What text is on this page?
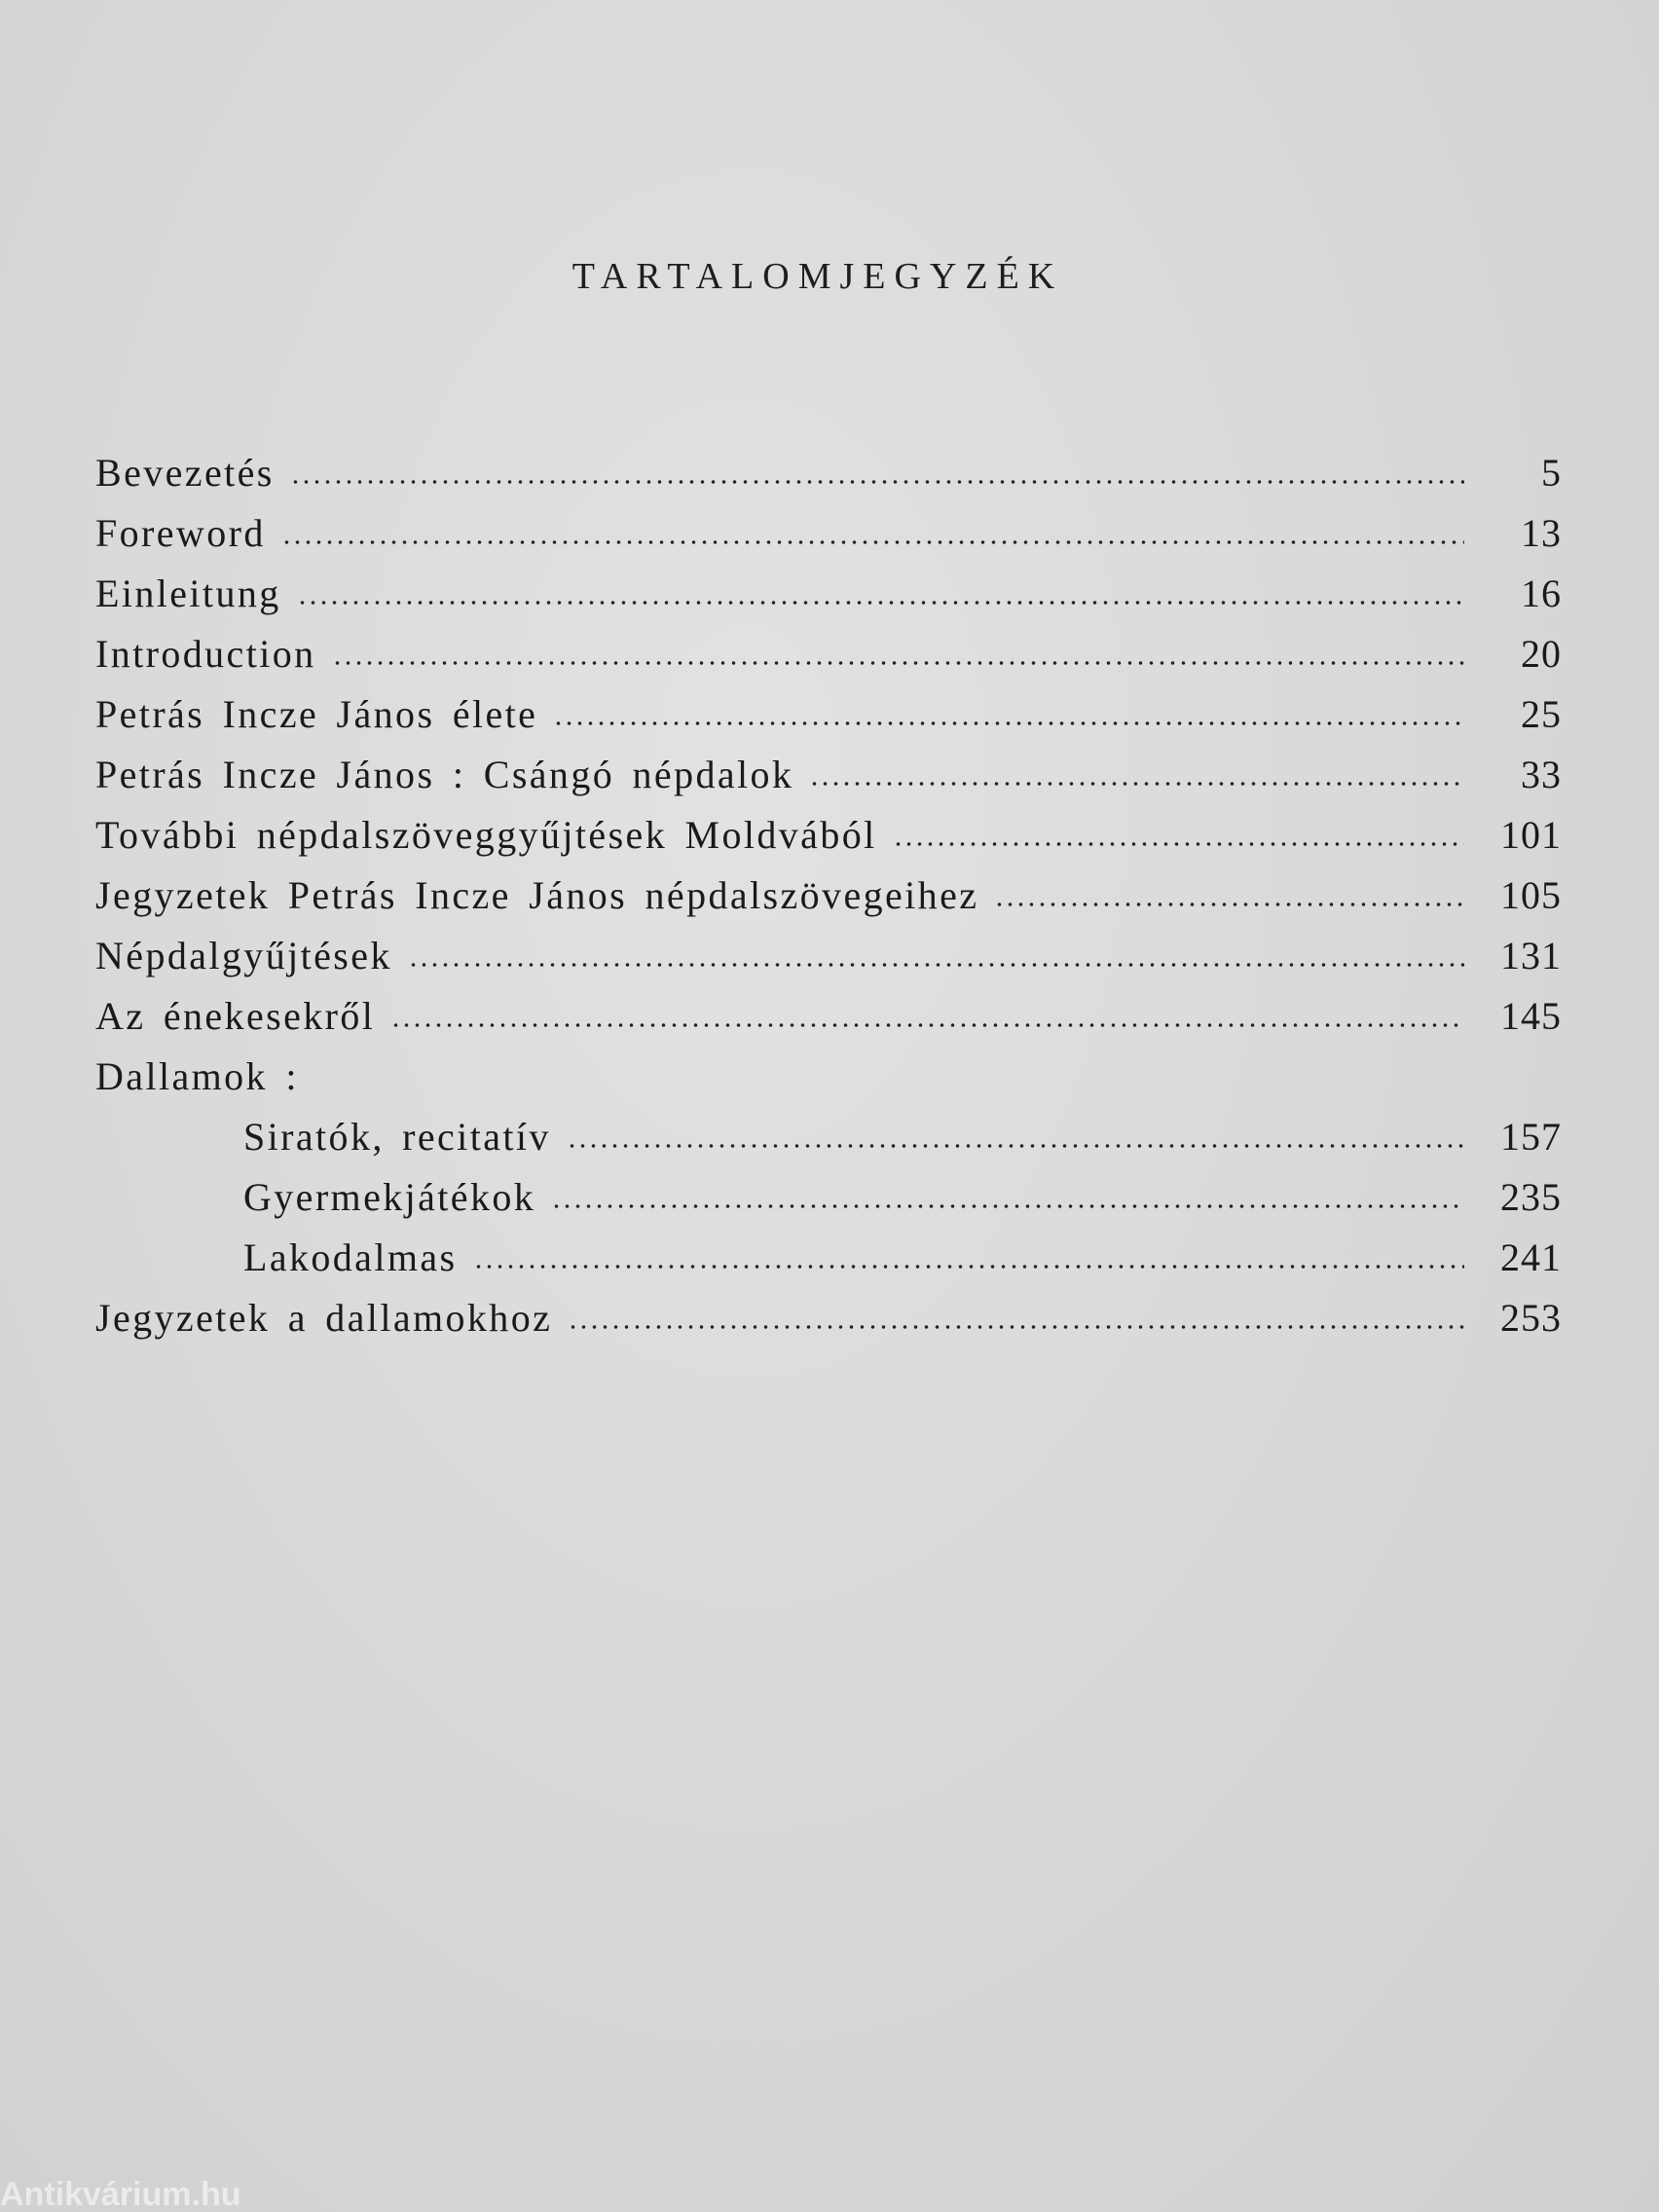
TARTALOMJEGYZÉK
Bevezetés	5
Foreword	13
Einleitung	16
Introduction	20
Petrás Incze János élete	25
Petrás Incze János : Csángó népdalok	33
További népdalszöveggyűjtések Moldvából	101
Jegyzetek Petrás Incze János népdalszövegeihez	105
Népdalgyűjtések	131
Az énekesekről	145
Dallamok :
Siratók, recitatív	157
Gyermekjátékok	235
Lakodalmas	241
Jegyzetek a dallamokhoz	253
Antikvárium.hu
